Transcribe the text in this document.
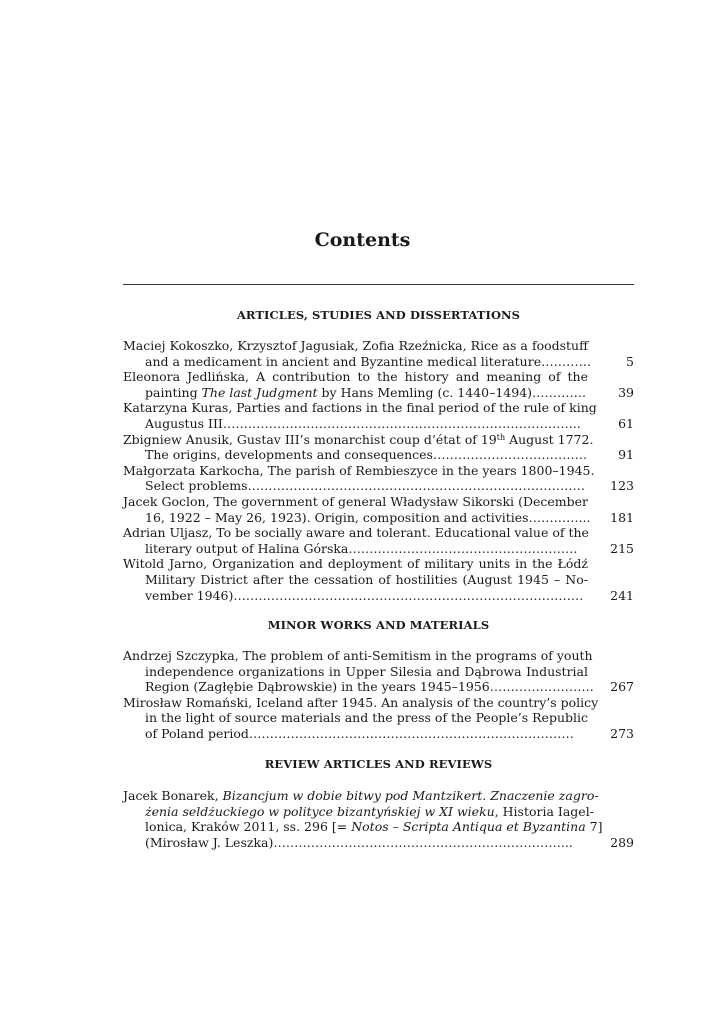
Contents
ARTICLES, STUDIES AND DISSERTATIONS
Maciej Kokoszko, Krzysztof Jagusiak, Zofia Rzeźnicka, Rice as a foodstuff
and a medicament in ancient and Byzantine medical literature…………	5
Eleonora Jedlińska, A contribution to the history and meaning of the
painting The last Judgment by Hans Memling (c. 1440–1494)………….	39
Katarzyna Kuras, Parties and factions in the final period of the rule of king
Augustus III…………………………………………………………………………..	61
Zbigniew Anusik, Gustav III’s monarchist coup d’état of 19th August 1772.
The origins, developments and consequences……………………………….	91
Małgorzata Karkocha, The parish of Rembieszyce in the years 1800–1945.
Select problems………………………………………………………………………	123
Jacek Goclon, The government of general Władysław Sikorski (December
16, 1922 – May 26, 1923). Origin, composition and activities…………...	181
Adrian Uljasz, To be socially aware and tolerant. Educational value of the
literary output of Halina Górska……………………………………………….	215
Witold Jarno, Organization and deployment of military units in the Łódź
Military District after the cessation of hostilities (August 1945 – No-
vember 1946)…………………………………………………………………………	241
MINOR WORKS AND MATERIALS
Andrzej Szczypka, The problem of anti-Semitism in the programs of youth
independence organizations in Upper Silesia and Dąbrowa Industrial
Region (Zagłębie Dąbrowskie) in the years 1945–1956…………………….	267
Mirosław Romański, Iceland after 1945. An analysis of the country’s policy
in the light of source materials and the press of the People’s Republic
of Poland period……………………………………………………………………	273
REVIEW ARTICLES AND REVIEWS
Jacek Bonarek, Bizancjum w dobie bitwy pod Mantzikert. Znaczenie zagro-
żenia seldżuckiego w polityce bizantyńskiej w XI wieku, Historia Iagel-
lonica, Kraków 2011, ss. 296 [= Notos – Scripta Antiqua et Byzantina 7]
(Mirosław J. Leszka)……………………………………………………………...	289
